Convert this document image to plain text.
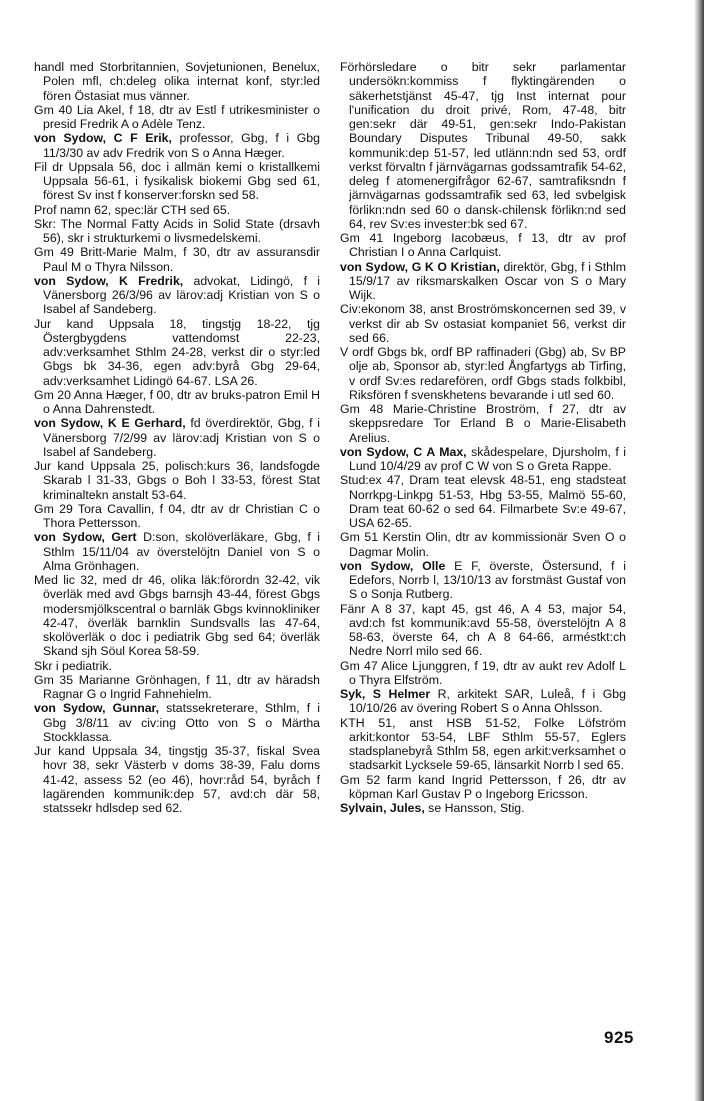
handl med Storbritannien, Sovjetunionen, Benelux, Polen mfl, ch:deleg olika internat konf, styr:led fören Östasiat mus vänner.
Gm 40 Lia Akel, f 18, dtr av Estl f utrikesminister o presid Fredrik A o Adèle Tenz.
von Sydow, C F Erik, professor, Gbg, f i Gbg 11/3/30 av adv Fredrik von S o Anna Hæger.
Fil dr Uppsala 56, doc i allmän kemi o kristallkemi Uppsala 56-61, i fysikalisk biokemi Gbg sed 61, förest Sv inst f konserver:forskn sed 58.
Prof namn 62, spec:lär CTH sed 65.
Skr: The Normal Fatty Acids in Solid State (drsavh 56), skr i strukturkemi o livsmedelskemi.
Gm 49 Britt-Marie Malm, f 30, dtr av assuransdir Paul M o Thyra Nilsson.
von Sydow, K Fredrik, advokat, Lidingö, f i Vänersborg 26/3/96 av lärov:adj Kristian von S o Isabel af Sandeberg.
Jur kand Uppsala 18, tingstjg 18-22, tjg Östergbygdens vattendomst 22-23, adv:verksamhet Sthlm 24-28, verkst dir o styr:led Gbgs bk 34-36, egen adv:byrå Gbg 29-64, adv:verksamhet Lidingö 64-67. LSA 26.
Gm 20 Anna Hæger, f 00, dtr av bruks-patron Emil H o Anna Dahrenstedt.
von Sydow, K E Gerhard, fd överdirektör, Gbg, f i Vänersborg 7/2/99 av lärov:adj Kristian von S o Isabel af Sandeberg.
Jur kand Uppsala 25, polisch:kurs 36, landsfogde Skarab l 31-33, Gbgs o Boh l 33-53, förest Stat kriminaltekn anstalt 53-64.
Gm 29 Tora Cavallin, f 04, dtr av dr Christian C o Thora Pettersson.
von Sydow, Gert D:son, skolöverläkare, Gbg, f i Sthlm 15/11/04 av överstelöjtn Daniel von S o Alma Grönhagen.
Med lic 32, med dr 46, olika läk:förordn 32-42, vik överläk med avd Gbgs barnsjh 43-44, förest Gbgs modersmjölkscentral o barnläk Gbgs kvinnokliniker 42-47, överläk barnklin Sundsvalls las 47-64, skolöverläk o doc i pediatrik Gbg sed 64; överläk Skand sjh Söul Korea 58-59.
Skr i pediatrik.
Gm 35 Marianne Grönhagen, f 11, dtr av häradsh Ragnar G o Ingrid Fahnehielm.
von Sydow, Gunnar, statssekreterare, Sthlm, f i Gbg 3/8/11 av civ:ing Otto von S o Märtha Stockklassa.
Jur kand Uppsala 34, tingstjg 35-37, fiskal Svea hovr 38, sekr Västerb v doms 38-39, Falu doms 41-42, assess 52 (eo 46), hovr:råd 54, byråch f lagärenden kommunik:dep 57, avd:ch där 58, statssekr hdlsdep sed 62.
Förhörsledare o bitr sekr parlamentar undersökn:kommiss f flyktingärenden o säkerhetstjänst 45-47, tjg Inst internat pour l'unification du droit privé, Rom, 47-48, bitr gen:sekr där 49-51, gen:sekr Indo-Pakistan Boundary Disputes Tribunal 49-50, sakk kommunik:dep 51-57, led utlänn:ndn sed 53, ordf verkst förvaltn f järnvägarnas godssamtrafik 54-62, deleg f atomenergifrågor 62-67, samtrafiksndn f järnvägarnas godssamtrafik sed 63, led svbelgisk förlikn:ndn sed 60 o dansk-chilensk förlikn:nd sed 64, rev Sv:es invester:bk sed 67.
Gm 41 Ingeborg Iacobæus, f 13, dtr av prof Christian I o Anna Carlquist.
von Sydow, G K O Kristian, direktör, Gbg, f i Sthlm 15/9/17 av riksmarskalken Oscar von S o Mary Wijk.
Civ:ekonom 38, anst Broströmskoncernen sed 39, v verkst dir ab Sv ostasiat kompaniet 56, verkst dir sed 66.
V ordf Gbgs bk, ordf BP raffinaderi (Gbg) ab, Sv BP olje ab, Sponsor ab, styr:led Ångfartygs ab Tirfing, v ordf Sv:es redarefören, ordf Gbgs stads folkbibl, Riksfören f svenskhetens bevarande i utl sed 60.
Gm 48 Marie-Christine Broström, f 27, dtr av skeppsredare Tor Erland B o Marie-Elisabeth Arelius.
von Sydow, C A Max, skådespelare, Djursholm, f i Lund 10/4/29 av prof C W von S o Greta Rappe.
Stud:ex 47, Dram teat elevsk 48-51, eng stadsteat Norrkpg-Linkpg 51-53, Hbg 53-55, Malmö 55-60, Dram teat 60-62 o sed 64. Filmarbete Sv:e 49-67, USA 62-65.
Gm 51 Kerstin Olin, dtr av kommissionär Sven O o Dagmar Molin.
von Sydow, Olle E F, överste, Östersund, f i Edefors, Norrb l, 13/10/13 av forstmäst Gustaf von S o Sonja Rutberg.
Fänr A 8 37, kapt 45, gst 46, A 4 53, major 54, avd:ch fst kommunik:avd 55-58, överstelöjtn A 8 58-63, överste 64, ch A 8 64-66, arméstkt:ch Nedre Norrl milo sed 66.
Gm 47 Alice Ljunggren, f 19, dtr av aukt rev Adolf L o Thyra Elfström.
Syk, S Helmer R, arkitekt SAR, Luleå, f i Gbg 10/10/26 av övering Robert S o Anna Ohlsson.
KTH 51, anst HSB 51-52, Folke Löfström arkit:kontor 53-54, LBF Sthlm 55-57, Eglers stadsplanebyrå Sthlm 58, egen arkit:verksamhet o stadsarkit Lycksele 59-65, länsarkit Norrb l sed 65.
Gm 52 farm kand Ingrid Pettersson, f 26, dtr av köpman Karl Gustav P o Ingeborg Ericsson.
Sylvain, Jules, se Hansson, Stig.
925
